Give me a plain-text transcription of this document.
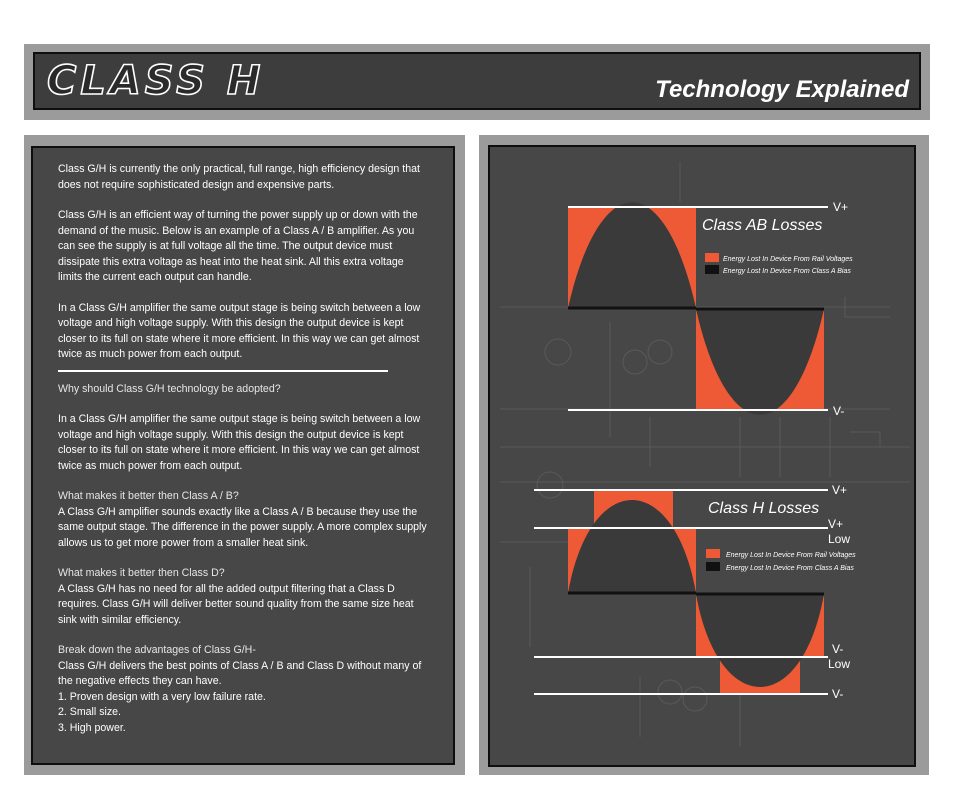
CLASS H	Technology Explained

Class G/H is currently the only practical, full range, high efficiency design that does not require sophisticated design and expensive parts.

Class G/H is an efficient way of turning the power supply up or down with the demand of the music. Below is an example of a Class A / B amplifier. As you can see the supply is at full voltage all the time. The output device must dissipate this extra voltage as heat into the heat sink. All this extra voltage limits the current each output can handle.

In a Class G/H amplifier the same output stage is being switch between a low voltage and high voltage supply. With this design the output device is kept closer to its full on state where it more efficient. In this way we can get almost twice as much power from each output.

Why should Class G/H technology be adopted?

In a Class G/H amplifier the same output stage is being switch between a low voltage and high voltage supply. With this design the output device is kept closer to its full on state where it more efficient. In this way we can get almost twice as much power from each output.

What makes it better then Class A / B?

A Class G/H amplifier sounds exactly like a Class A / B because they use the same output stage. The difference in the power supply. A more complex supply allows us to get more power from a smaller heat sink.

What makes it better then Class D?

A Class G/H has no need for all the added output filtering that a Class D requires. Class G/H will deliver better sound quality from the same size heat sink with similar efficiency.

Break down the advantages of Class G/H-
Class G/H delivers the best points of Class A / B and Class D without many of the negative effects they can have.
1. Proven design with a very low failure rate.
2. Small size.
3. High power.
Class AB Losses
V+
V-
Energy Lost In Device From Rail Voltages
Energy Lost In Device From Class A Bias
Class H Losses
V+
V+
Low
V-
Low
V-
Energy Lost In Device From Rail Voltages
Energy Lost In Device From Class A Bias
